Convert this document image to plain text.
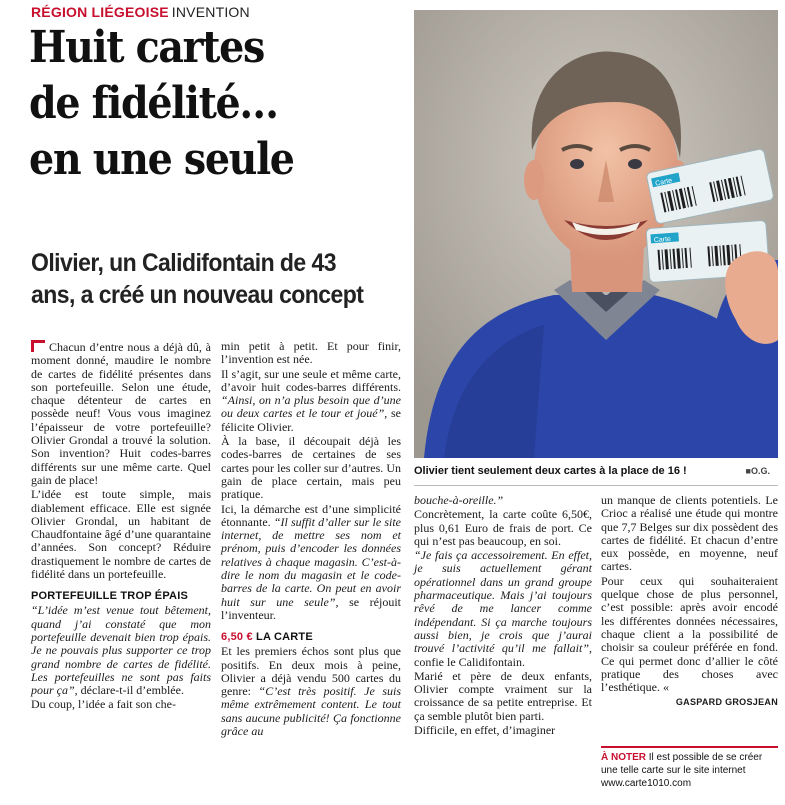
RÉGION LIÉGEOISE INVENTION
Huit cartes
de fidélité…
en une seule
Olivier, un Calidifontain de 43
ans, a créé un nouveau concept
Carte
Carte
Olivier tient seulement deux cartes à la place de 16 !	■O.G.

Chacun d’entre nous a déjà dû, à moment donné, maudire le nombre de cartes de fidélité présentes dans son portefeuille. Selon une étude, chaque détenteur de cartes en possède neuf! Vous vous imaginez l’épaisseur de votre portefeuille? Olivier Grondal a trouvé la solution. Son invention? Huit codes-barres différents sur une même carte. Quel gain de place!

L’idée est toute simple, mais diablement efficace. Elle est signée Olivier Grondal, un habitant de Chaudfontaine âgé d’une quarantaine d’années. Son concept? Réduire drastiquement le nombre de cartes de fidélité dans un portefeuille.

PORTEFEUILLE TROP ÉPAIS

“L’idée m’est venue tout bêtement, quand j’ai constaté que mon portefeuille devenait bien trop épais. Je ne pouvais plus supporter ce trop grand nombre de cartes de fidélité. Les portefeuilles ne sont pas faits pour ça”, déclare-t-il d’emblée.

Du coup, l’idée a fait son che-

min petit à petit. Et pour finir, l’invention est née.

Il s’agit, sur une seule et même carte, d’avoir huit codes-barres différents. “Ainsi, on n’a plus besoin que d’une ou deux cartes et le tour et joué”, se félicite Olivier.

À la base, il découpait déjà les codes-barres de certaines de ses cartes pour les coller sur d’autres. Un gain de place certain, mais peu pratique.

Ici, la démarche est d’une simplicité étonnante. “Il suffit d’aller sur le site internet, de mettre ses nom et prénom, puis d’encoder les données relatives à chaque magasin. C’est-à-dire le nom du magasin et le code-barres de la carte. On peut en avoir huit sur une seule”, se réjouit l’inventeur.

6,50 € LA CARTE

Et les premiers échos sont plus que positifs. En deux mois à peine, Olivier a déjà vendu 500 cartes du genre: “C’est très positif. Je suis même extrêmement content. Le tout sans aucune publicité! Ça fonctionne grâce au

bouche-à-oreille.”

Concrètement, la carte coûte 6,50€, plus 0,61 Euro de frais de port. Ce qui n’est pas beaucoup, en soi.

“Je fais ça accessoirement. En effet, je suis actuellement gérant opérationnel dans un grand groupe pharmaceutique. Mais j’ai toujours rêvé de me lancer comme indépendant. Si ça marche toujours aussi bien, je crois que j’aurai trouvé l’activité qu’il me fallait”, confie le Calidifontain.

Marié et père de deux enfants, Olivier compte vraiment sur la croissance de sa petite entreprise. Et ça semble plutôt bien parti.

Difficile, en effet, d’imaginer

un manque de clients potentiels. Le Crioc a réalisé une étude qui montre que 7,7 Belges sur dix possèdent des cartes de fidélité. Et chacun d’entre eux possède, en moyenne, neuf cartes.

Pour ceux qui souhaiteraient quelque chose de plus personnel, c’est possible: après avoir encodé les différentes données nécessaires, chaque client a la possibilité de choisir sa couleur préférée en fond. Ce qui permet donc d’allier le côté pratique des choses avec l’esthétique. «

GASPARD GROSJEAN
À NOTER Il est possible de se créer une telle carte sur le site internet www.carte1010.com
